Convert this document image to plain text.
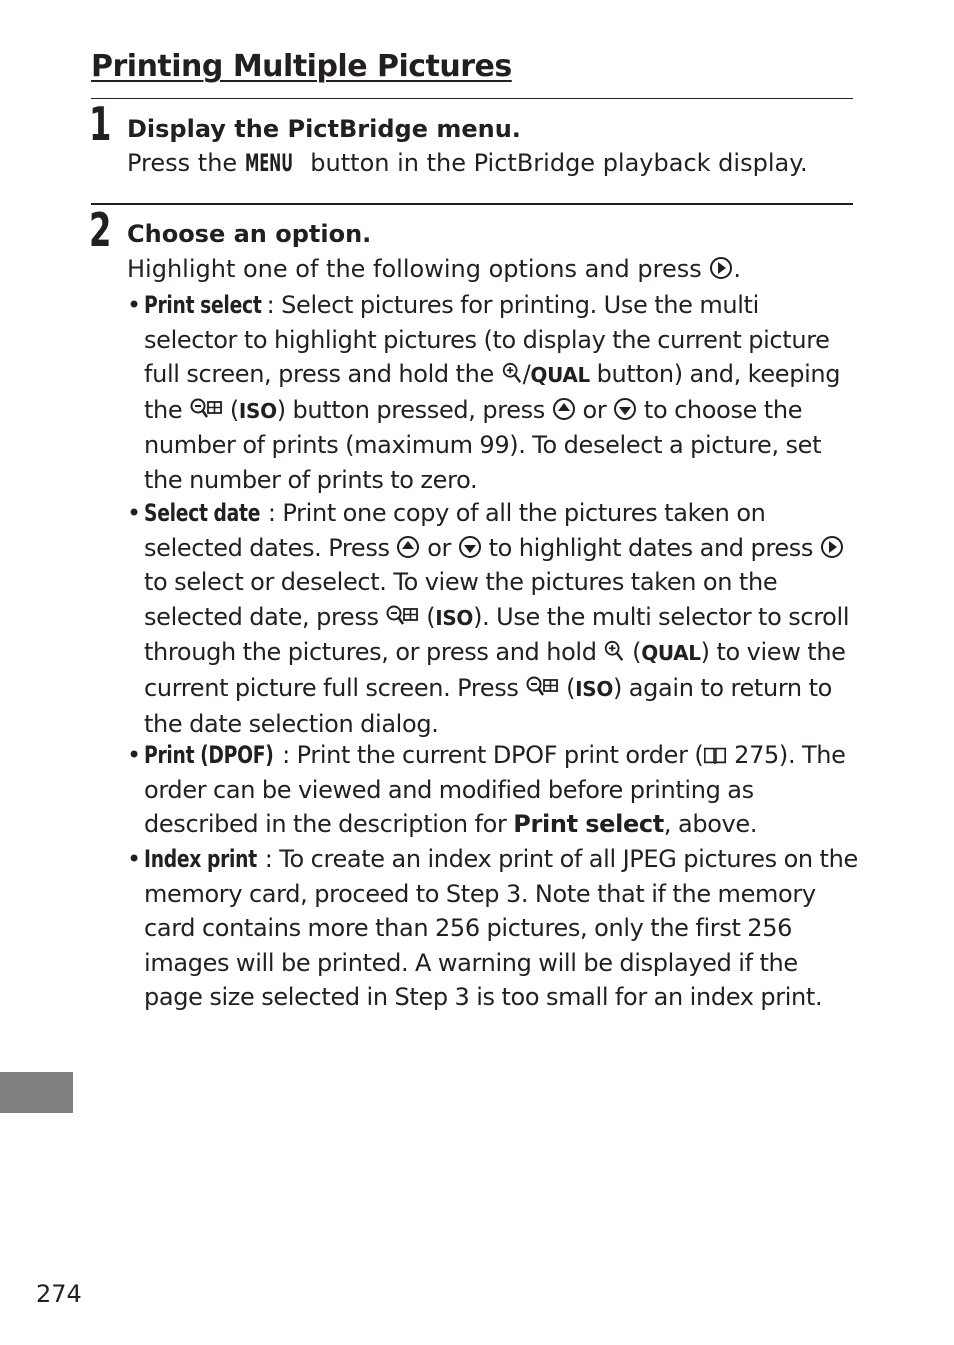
Printing Multiple Pictures
1 Display the PictBridge menu.
Press the MENU button in the PictBridge playback display.
2 Choose an option.
Highlight one of the following options and press .
• Print select : Select pictures for printing. Use the multi

selector to highlight pictures (to display the current picture

full screen, press and hold the /QUAL button) and, keeping

the  (ISO) button pressed, press  or  to choose the

number of prints (maximum 99). To deselect a picture, set

the number of prints to zero.

• Select date : Print one copy of all the pictures taken on

selected dates. Press  or  to highlight dates and press

to select or deselect. To view the pictures taken on the

selected date, press  (ISO). Use the multi selector to scroll

through the pictures, or press and hold  (QUAL) to view the

current picture full screen. Press  (ISO) again to return to

the date selection dialog.

• Print (DPOF) : Print the current DPOF print order ( 275). The

order can be viewed and modified before printing as

described in the description for Print select, above.

• Index print : To create an index print of all JPEG pictures on the

memory card, proceed to Step 3. Note that if the memory

card contains more than 256 pictures, only the first 256

images will be printed. A warning will be displayed if the

page size selected in Step 3 is too small for an index print.

274
